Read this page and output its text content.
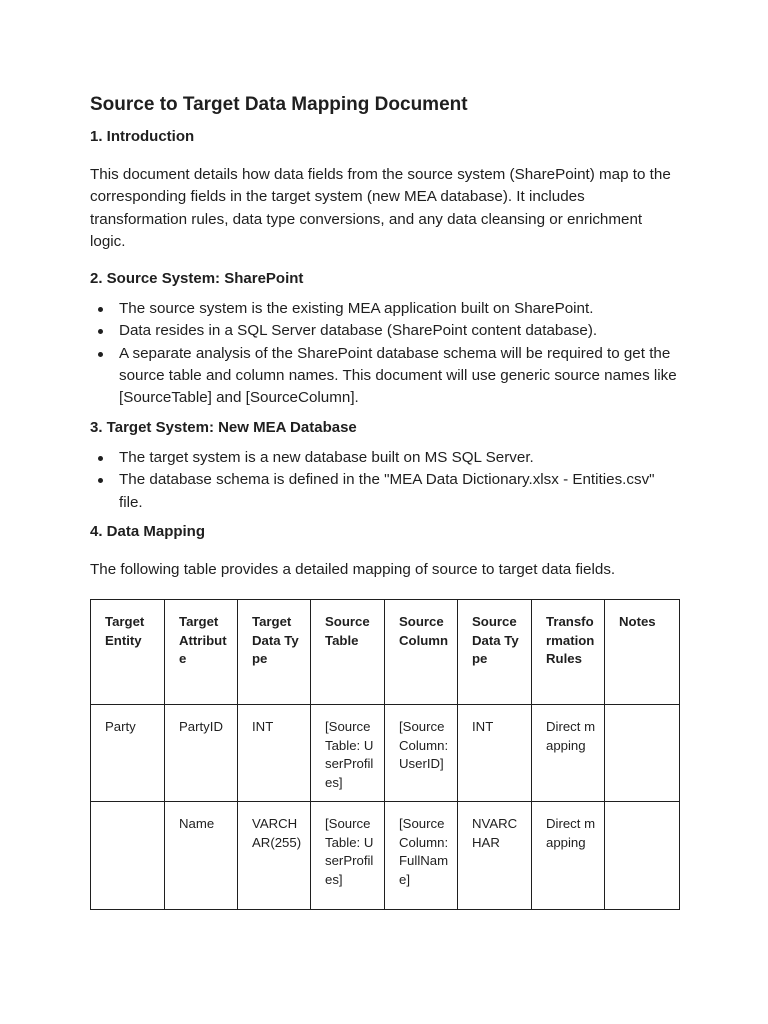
Source to Target Data Mapping Document
1. Introduction

This document details how data fields from the source system (SharePoint) map to the corresponding fields in the target system (new MEA database). It includes transformation rules, data type conversions, and any data cleansing or enrichment logic.

2. Source System: SharePoint
The source system is the existing MEA application built on SharePoint.
Data resides in a SQL Server database (SharePoint content database).
A separate analysis of the SharePoint database schema will be required to get the source table and column names. This document will use generic source names like [SourceTable] and [SourceColumn].
3. Target System: New MEA Database
The target system is a new database built on MS SQL Server.
The database schema is defined in the "MEA Data Dictionary.xlsx - Entities.csv" file.
4. Data Mapping

The following table provides a detailed mapping of source to target data fields.

Target Entity	Target Attribute	Target Data Type	Source Table	Source Column	Source Data Type	Transformation Rules	Notes
Party	PartyID	INT	[SourceTable: UserProfiles]	[SourceColumn: UserID]	INT	Direct mapping	
	Name	VARCHAR(255)	[SourceTable: UserProfiles]	[SourceColumn: FullName]	NVARCHAR	Direct mapping	
